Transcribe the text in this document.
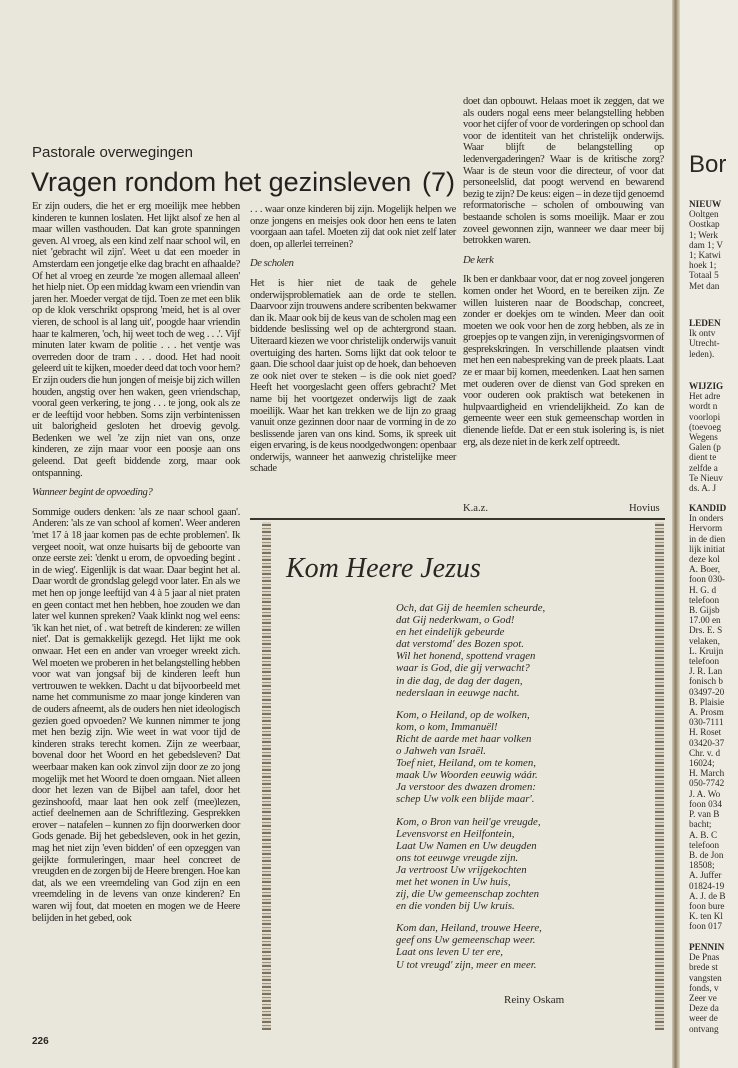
Pastorale overwegingen
Vragen rondom het gezinsleven (7)

Er zijn ouders, die het er erg moeilijk mee hebben kinderen te kunnen loslaten. Het lijkt alsof ze hen al maar willen vasthouden. Dat kan grote spanningen geven. Al vroeg, als een kind zelf naar school wil, en niet 'gebracht wil zijn'. Weet u dat een moeder in Amsterdam een jongetje elke dag bracht en afhaalde? Of het al vroeg en zeurde 'ze mogen allemaal alleen' het hielp niet. Op een middag kwam een vriendin van jaren her. Moeder vergat de tijd. Toen ze met een blik op de klok verschrikt opsprong 'meid, het is al over vieren, de school is al lang uit', poogde haar vriendin haar te kalmeren, 'och, hij weet toch de weg . . .'. Vijf minuten later kwam de politie . . . het ventje was overreden door de tram . . . dood. Het had nooit geleerd uit te kijken, moeder deed dat toch voor hem? Er zijn ouders die hun jongen of meisje bij zich willen houden, angstig over hen waken, geen vriendschap, vooral geen verkering, te jong . . . te jong, ook als ze er de leeftijd voor hebben. Soms zijn verbintenissen uit balorigheid gesloten het droevig gevolg. Bedenken we wel 'ze zijn niet van ons, onze kinderen, ze zijn maar voor een poosje aan ons geleend. Dat geeft biddende zorg, maar ook ontspanning.

Wanneer begint de opvoeding?

Sommige ouders denken: 'als ze naar school gaan'. Anderen: 'als ze van school af komen'. Weer anderen 'met 17 à 18 jaar komen pas de echte problemen'. Ik vergeet nooit, wat onze huisarts bij de geboorte van onze eerste zei: 'denkt u erom, de opvoeding begint . in de wieg'. Eigenlijk is dat waar. Daar begint het al. Daar wordt de grondslag gelegd voor later. En als we met hen op jonge leeftijd van 4 à 5 jaar al niet praten en geen contact met hen hebben, hoe zouden we dan later wel kunnen spreken? Vaak klinkt nog wel eens: 'ik kan het niet, of . wat betreft de kinderen: ze willen niet'. Dat is gemakkelijk gezegd. Het lijkt me ook onwaar. Het een en ander van vroeger wreekt zich. Wel moeten we proberen in het belangstelling hebben voor wat van jongsaf bij de kinderen leeft hun vertrouwen te wekken. Dacht u dat bijvoorbeeld met name het communisme zo maar jonge kinderen van de ouders afneemt, als de ouders hen niet ideologisch gezien goed opvoeden? We kunnen nimmer te jong met hen bezig zijn. Wie weet in wat voor tijd de kinderen straks terecht komen. Zijn ze weerbaar, bovenal door het Woord en het gebedsleven? Dat weerbaar maken kan ook zinvol zijn door ze zo jong mogelijk met het Woord te doen omgaan. Niet alleen door het lezen van de Bijbel aan tafel, door het gezinshoofd, maar laat hen ook zelf (mee)lezen, actief deelnemen aan de Schriftlezing. Gesprekken erover – natafelen – kunnen zo fijn doorwerken door Gods genade. Bij het gebedsleven, ook in het gezin, mag het niet zijn 'even bidden' of een opzeggen van geijkte formuleringen, maar heel concreet de vreugden en de zorgen bij de Heere brengen. Hoe kan dat, als we een vreemdeling van God zijn en een vreemdeling in de levens van onze kinderen? En waren wij fout, dat moeten en mogen we de Heere belijden in het gebed, ook

. . . waar onze kinderen bij zijn. Mogelijk helpen we onze jongens en meisjes ook door hen eens te laten voorgaan aan tafel. Moeten zij dat ook niet zelf later doen, op allerlei terreinen?

De scholen

Het is hier niet de taak de gehele onderwijsproblematiek aan de orde te stellen. Daarvoor zijn trouwens andere scribenten bekwamer dan ik. Maar ook bij de keus van de scholen mag een biddende beslissing wel op de achtergrond staan. Uiteraard kiezen we voor christelijk onderwijs vanuit overtuiging des harten. Soms lijkt dat ook teloor te gaan. Die school daar juist op de hoek, dan behoeven ze ook niet over te steken – is die ook niet goed? Heeft het voorgeslacht geen offers gebracht? Met name bij het voortgezet onderwijs ligt de zaak moeilijk. Waar het kan trekken we de lijn zo graag vanuit onze gezinnen door naar de vorming in de zo beslissende jaren van ons kind. Soms, ik spreek uit eigen ervaring, is de keus noodgedwongen: openbaar onderwijs, wanneer het aanwezig christelijke meer schade

doet dan opbouwt. Helaas moet ik zeggen, dat we als ouders nogal eens meer belangstelling hebben voor het cijfer of voor de vorderingen op school dan voor de identiteit van het christelijk onderwijs. Waar blijft de belangstelling op ledenvergaderingen? Waar is de kritische zorg? Waar is de steun voor die directeur, of voor dat personeelslid, dat poogt wervend en bewarend bezig te zijn? De keus: eigen – in deze tijd genoemd reformatorische – scholen of ombouwing van bestaande scholen is soms moeilijk. Maar er zou zoveel gewonnen zijn, wanneer we daar meer bij betrokken waren.

De kerk

Ik ben er dankbaar voor, dat er nog zoveel jongeren komen onder het Woord, en te bereiken zijn. Ze willen luisteren naar de Boodschap, concreet, zonder er doekjes om te winden. Meer dan ooit moeten we ook voor hen de zorg hebben, als ze in groepjes op te vangen zijn, in verenigingsvormen of gesprekskringen. In verschillende plaatsen vindt met hen een nabespreking van de preek plaats. Laat ze er maar bij komen, meedenken. Laat hen samen met ouderen over de dienst van God spreken en voor ouderen ook praktisch wat betekenen in hulpvaardigheid en vriendelijkheid. Zo kan de gemeente weer een stuk gemeenschap worden in dienende liefde. Dat er een stuk isolering is, is niet erg, als deze niet in de kerk zelf optreedt.

K.a.z.	Hovius
Kom Heere Jezus
Och, dat Gij de heemlen scheurde,
dat Gij nederkwam, o God!
en het eindelijk gebeurde
dat verstomd' des Bozen spot.
Wil het honend, spottend vragen
waar is God, die gij verwacht?
in die dag, de dag der dagen,
nederslaan in eeuwge nacht.
Kom, o Heiland, op de wolken,
kom, o kom, Immanuël!
Richt de aarde met haar volken
o Jahweh van Israël.
Toef niet, Heiland, om te komen,
maak Uw Woorden eeuwig wáár.
Ja verstoor des dwazen dromen:
schep Uw volk een blijde maar'.
Kom, o Bron van heil'ge vreugde,
Levensvorst en Heilfontein,
Laat Uw Namen en Uw deugden
ons tot eeuwge vreugde zijn.
Ja vertroost Uw vrijgekochten
met het wonen in Uw huis,
zij, die Uw gemeenschap zochten
en die vonden bij Uw kruis.
Kom dan, Heiland, trouwe Heere,
geef ons Uw gemeenschap weer.
Laat ons leven U ter ere,
U tot vreugd' zijn, meer en meer.
Reiny Oskam
226
Bor
NIEUW
Ooltgen
Oostkap
1; Werk
dam 1; V
1; Katwi
hoek 1;
Totaal 5
Met dan
LEDEN
Ik ontv
Utrecht-
leden).
WIJZIG
Het adre
wordt n
voorlopi
(toevoeg
Wegens
Galen (p
dient te
zelfde a
Te Nieuv
ds. A. J
KANDID
In onders
Hervorm
in de dien
lijk initiat
deze kol
A. Boer,
foon 030-
H. G. d
telefoon
B. Gijsb
17.00 en
Drs. E. S
velaken,
L. Kruijn
telefoon
J. R. Lan
fonisch b
03497-20
B. Plaisie
A. Prosm
030-7111
H. Roset
03420-37
Chr. v. d
16024;
H. March
050-7742
J. A. Wo
foon 034
P. van B
bacht;
A. B. C
telefoon
B. de Jon
18508;
A. Juffer
01824-19
A. J. de B
foon bure
K. ten Kl
foon 017
PENNIN
De Pnas
brede st
vangsten
fonds, v
Zeer ve
Deze da
weer de
ontvang
